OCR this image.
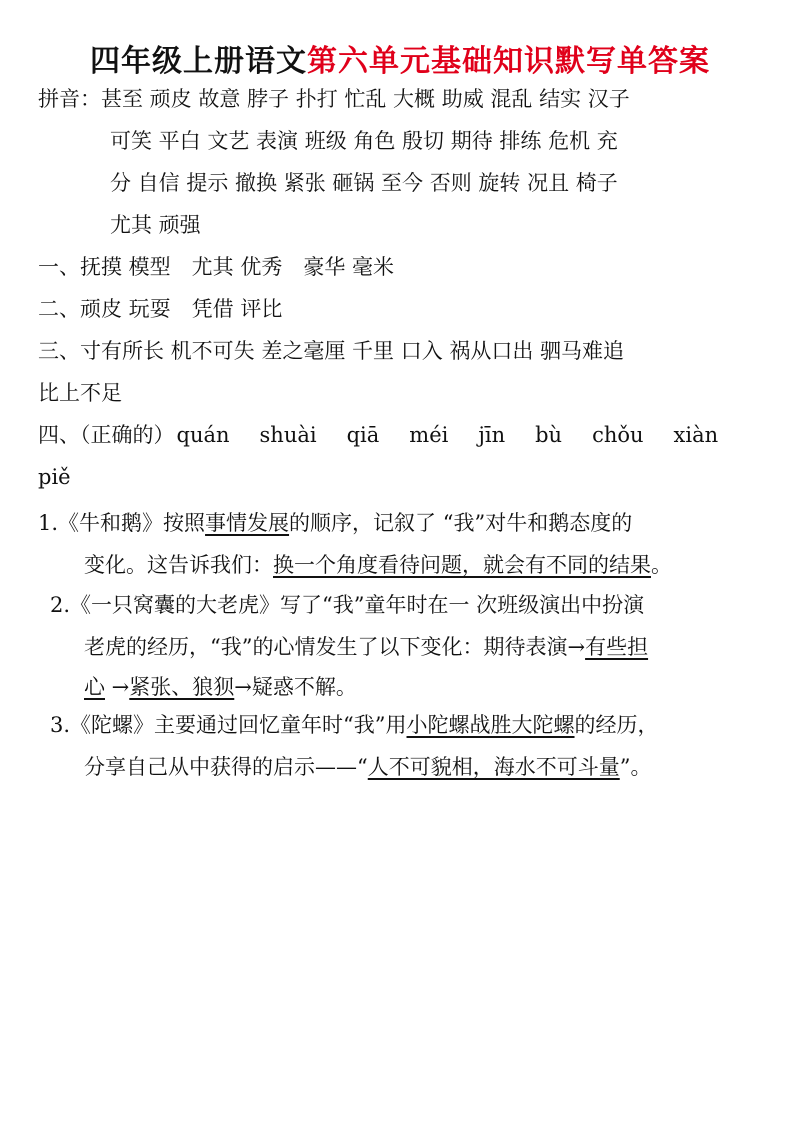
四年级上册语文第六单元基础知识默写单答案
拼音：甚至 顽皮 故意 脖子 扑打 忙乱 大概 助威 混乱 结实 汉子
可笑 平白 文艺 表演 班级 角色 殷切 期待 排练 危机 充
分 自信 提示 撤换 紧张 砸锅 至今 否则 旋转 况且 椅子
尤其 顽强
一、抚摸 模型　尤其 优秀　豪华 毫米
二、顽皮 玩耍　凭借 评比
三、寸有所长 机不可失 差之毫厘 千里 口入 祸从口出 驷马难追
比上不足
四、（正确的）quán shuài qiā méi jīn bù chǒu xiàn
piě
1.《牛和鹅》按照事情发展的顺序，记叙了 “我”对牛和鹅态度的
变化。这告诉我们：换一个角度看待问题，就会有不同的结果。
2.《一只窝囊的大老虎》写了“我”童年时在一 次班级演出中扮演
老虎的经历，“我”的心情发生了以下变化：期待表演→有些担
心 →紧张、狼狈→疑惑不解。
3.《陀螺》主要通过回忆童年时“我”用小陀螺战胜大陀螺的经历，
分享自己从中获得的启示——“人不可貌相，海水不可斗量”。
